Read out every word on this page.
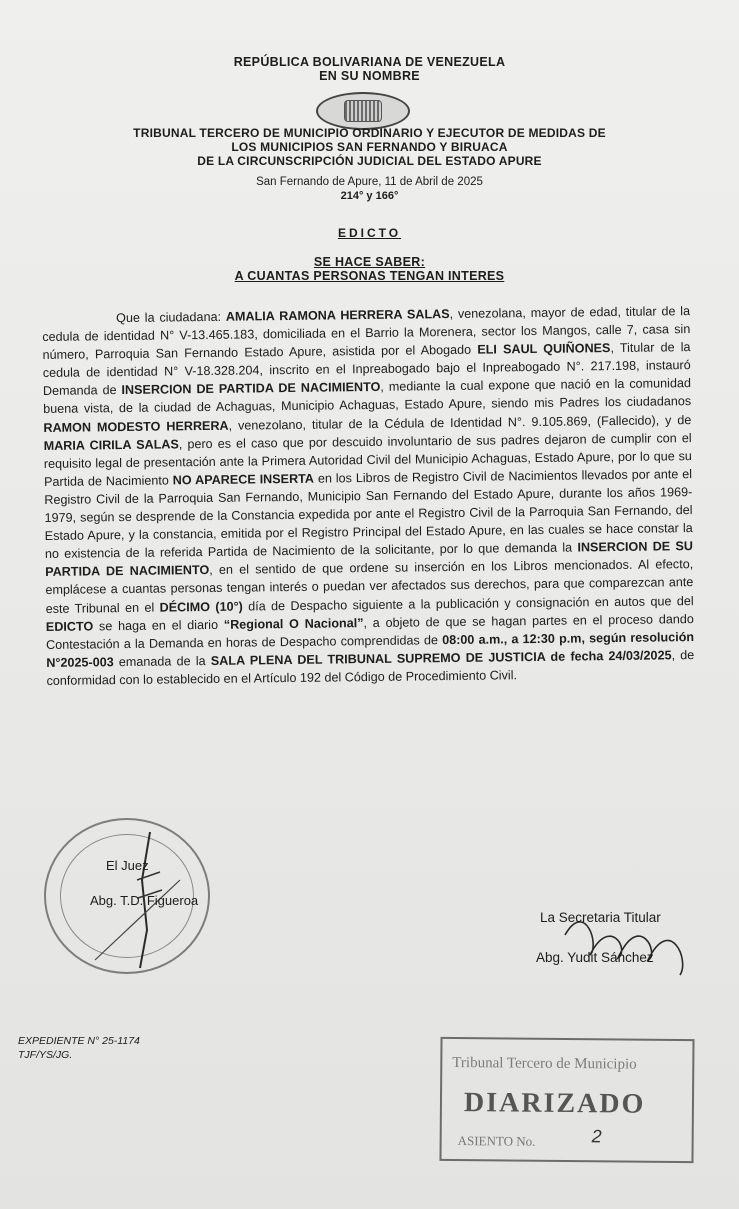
REPÚBLICA BOLIVARIANA DE VENEZUELA
EN SU NOMBRE
TRIBUNAL TERCERO DE MUNICIPIO ORDINARIO Y EJECUTOR DE MEDIDAS DE
LOS MUNICIPIOS SAN FERNANDO Y BIRUACA
DE LA CIRCUNSCRIPCIÓN JUDICIAL DEL ESTADO APURE
San Fernando de Apure, 11 de Abril de 2025
214° y 166°
EDICTO
SE HACE SABER:
A CUANTAS PERSONAS TENGAN INTERES

Que la ciudadana: AMALIA RAMONA HERRERA SALAS, venezolana, mayor de edad, titular de la cedula de identidad N° V-13.465.183, domiciliada en el Barrio la Morenera, sector los Mangos, calle 7, casa sin número, Parroquia San Fernando Estado Apure, asistida por el Abogado ELI SAUL QUIÑONES, Titular de la cedula de identidad N° V-18.328.204, inscrito en el Inpreabogado bajo el Inpreabogado N°. 217.198, instauró Demanda de INSERCION DE PARTIDA DE NACIMIENTO, mediante la cual expone que nació en la comunidad buena vista, de la ciudad de Achaguas, Municipio Achaguas, Estado Apure, siendo mis Padres los ciudadanos RAMON MODESTO HERRERA, venezolano, titular de la Cédula de Identidad N°. 9.105.869, (Fallecido), y de MARIA CIRILA SALAS, pero es el caso que por descuido involuntario de sus padres dejaron de cumplir con el requisito legal de presentación ante la Primera Autoridad Civil del Municipio Achaguas, Estado Apure, por lo que su Partida de Nacimiento NO APARECE INSERTA en los Libros de Registro Civil de Nacimientos llevados por ante el Registro Civil de la Parroquia San Fernando, Municipio San Fernando del Estado Apure, durante los años 1969- 1979, según se desprende de la Constancia expedida por ante el Registro Civil de la Parroquia San Fernando, del Estado Apure, y la constancia, emitida por el Registro Principal del Estado Apure, en las cuales se hace constar la no existencia de la referida Partida de Nacimiento de la solicitante, por lo que demanda la INSERCION DE SU PARTIDA DE NACIMIENTO, en el sentido de que ordene su inserción en los Libros mencionados. Al efecto, emplácese a cuantas personas tengan interés o puedan ver afectados sus derechos, para que comparezcan ante este Tribunal en el DÉCIMO (10°) día de Despacho siguiente a la publicación y consignación en autos que del EDICTO se haga en el diario “Regional O Nacional”, a objeto de que se hagan partes en el proceso dando Contestación a la Demanda en horas de Despacho comprendidas de 08:00 a.m., a 12:30 p.m, según resolución N°2025-003 emanada de la SALA PLENA DEL TRIBUNAL SUPREMO DE JUSTICIA de fecha 24/03/2025, de conformidad con lo establecido en el Artículo 192 del Código de Procedimiento Civil.

El Juez
Abg. T.D. Figueroa
La Secretaria Titular
Abg. Yudit Sánchez
EXPEDIENTE N° 25-1174
TJF/YS/JG.	Tribunal Tercero de Municipio
DIARIZADO
ASIENTO No.	2
